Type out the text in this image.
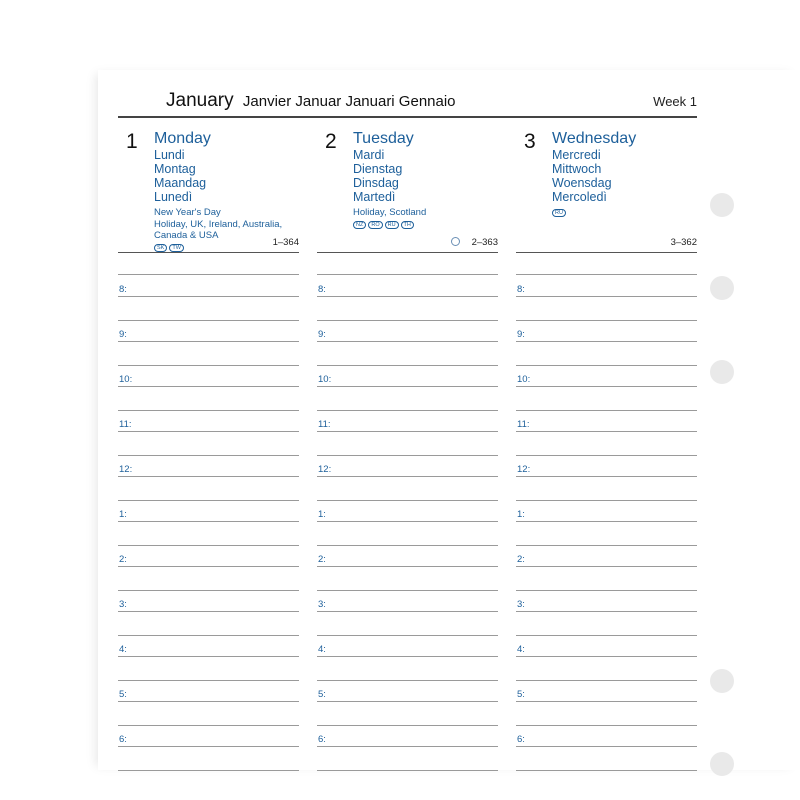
January Janvier Januar Januari Gennaio	Week 1
1 Monday
Lundi
Montag
Maandag
Lunedì
New Year's Day
Holiday, UK, Ireland, Australia,
Canada & USA
SK	TW	1–364
8:
9:
10:
11:
12:
1:
2:
3:
4:
5:
6:
2 Tuesday
Mardi
Dienstag
Dinsdag
Martedì
Holiday, Scotland
NZ	RO	RU	TH
2–363
8:
9:
10:
11:
12:
1:
2:
3:
4:
5:
6:
3 Wednesday
Mercredi
Mittwoch
Woensdag
Mercoledì
RU
3–362
8:
9:
10:
11:
12:
1:
2:
3:
4:
5:
6:
